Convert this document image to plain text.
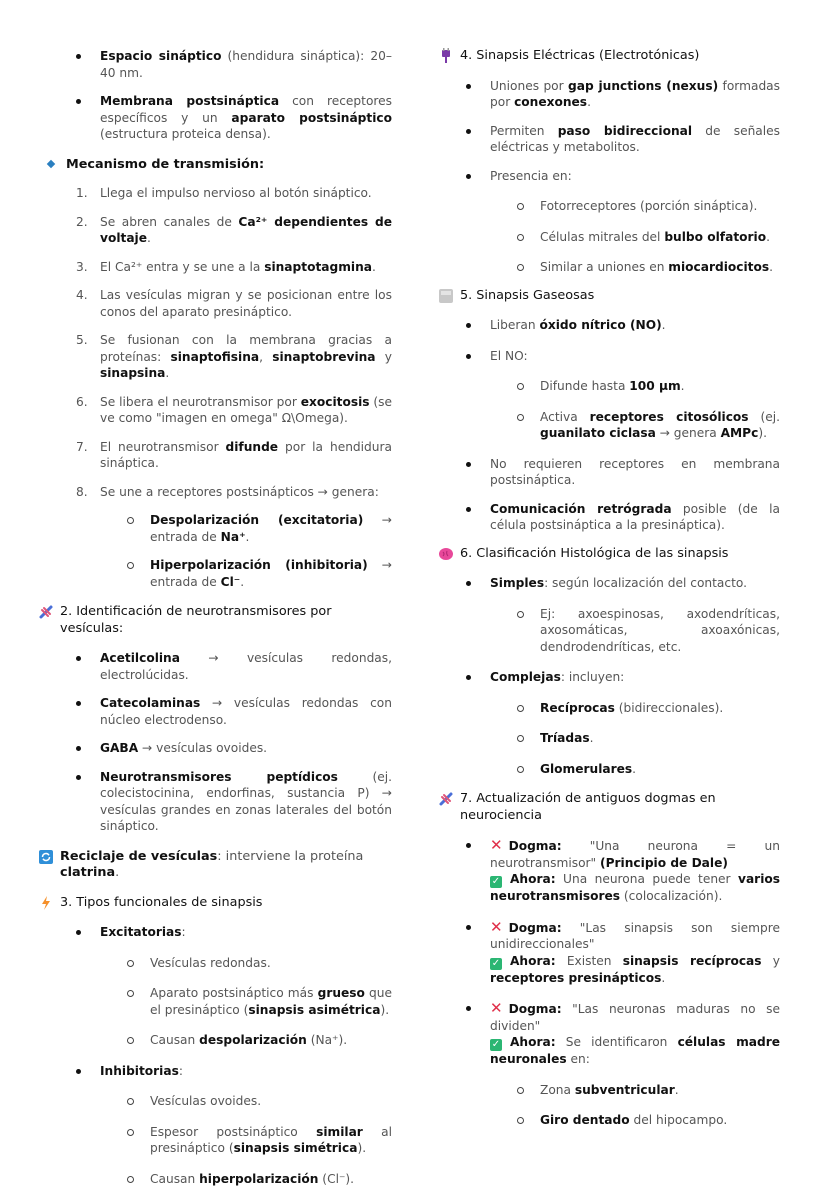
Espacio sináptico (hendidura sináptica): 20–40 nm.
Membrana postsináptica con receptores específicos y un aparato postsináptico (estructura proteica densa).
Mecanismo de transmisión:
1. Llega el impulso nervioso al botón sináptico.
2. Se abren canales de Ca²⁺ dependientes de voltaje.
3. El Ca²⁺ entra y se une a la sinaptotagmina.
4. Las vesículas migran y se posicionan entre los conos del aparato presináptico.
5. Se fusionan con la membrana gracias a proteínas: sinaptofisina, sinaptobrevina y sinapsina.
6. Se libera el neurotransmisor por exocitosis (se ve como "imagen en omega" Ω\Omega).
7. El neurotransmisor difunde por la hendidura sináptica.
8. Se une a receptores postsinápticos → genera:
Despolarización (excitatoria) → entrada de Na⁺.
Hiperpolarización (inhibitoria) → entrada de Cl⁻.
2. Identificación de neurotransmisores por vesículas:
Acetilcolina → vesículas redondas, electrolúcidas.
Catecolaminas → vesículas redondas con núcleo electrodenso.
GABA → vesículas ovoides.
Neurotransmisores peptídicos (ej. colecistocinina, endorfinas, sustancia P) → vesículas grandes en zonas laterales del botón sináptico.
Reciclaje de vesículas: interviene la proteína clatrina.
3. Tipos funcionales de sinapsis
Excitatorias:
Vesículas redondas.
Aparato postsináptico más grueso que el presináptico (sinapsis asimétrica).
Causan despolarización (Na⁺).
Inhibitorias:
Vesículas ovoides.
Espesor postsináptico similar al presináptico (sinapsis simétrica).
Causan hiperpolarización (Cl⁻).
4. Sinapsis Eléctricas (Electrotónicas)
Uniones por gap junctions (nexus) formadas por conexones.
Permiten paso bidireccional de señales eléctricas y metabolitos.
Presencia en:
Fotorreceptores (porción sináptica).
Células mitrales del bulbo olfatorio.
Similar a uniones en miocardiocitos.
5. Sinapsis Gaseosas
Liberan óxido nítrico (NO).
El NO:
Difunde hasta 100 µm.
Activa receptores citosólicos (ej. guanilato ciclasa → genera AMPc).
No requieren receptores en membrana postsináptica.
Comunicación retrógrada posible (de la célula postsináptica a la presináptica).
6. Clasificación Histológica de las sinapsis
Simples: según localización del contacto.
Ej: axoespinosas, axodendríticas, axosomáticas, axoaxónicas, dendrodendríticas, etc.
Complejas: incluyen:
Recíprocas (bidireccionales).
Tríadas.
Glomerulares.
7. Actualización de antiguos dogmas en neurociencia
✕ Dogma: "Una neurona = un neurotransmisor" (Principio de Dale)
✓ Ahora: Una neurona puede tener varios neurotransmisores (colocalización).
✕ Dogma: "Las sinapsis son siempre unidireccionales"
✓ Ahora: Existen sinapsis recíprocas y receptores presinápticos.
✕ Dogma: "Las neuronas maduras no se dividen"
✓ Ahora: Se identificaron células madre neuronales en:
Zona subventricular.
Giro dentado del hipocampo.
